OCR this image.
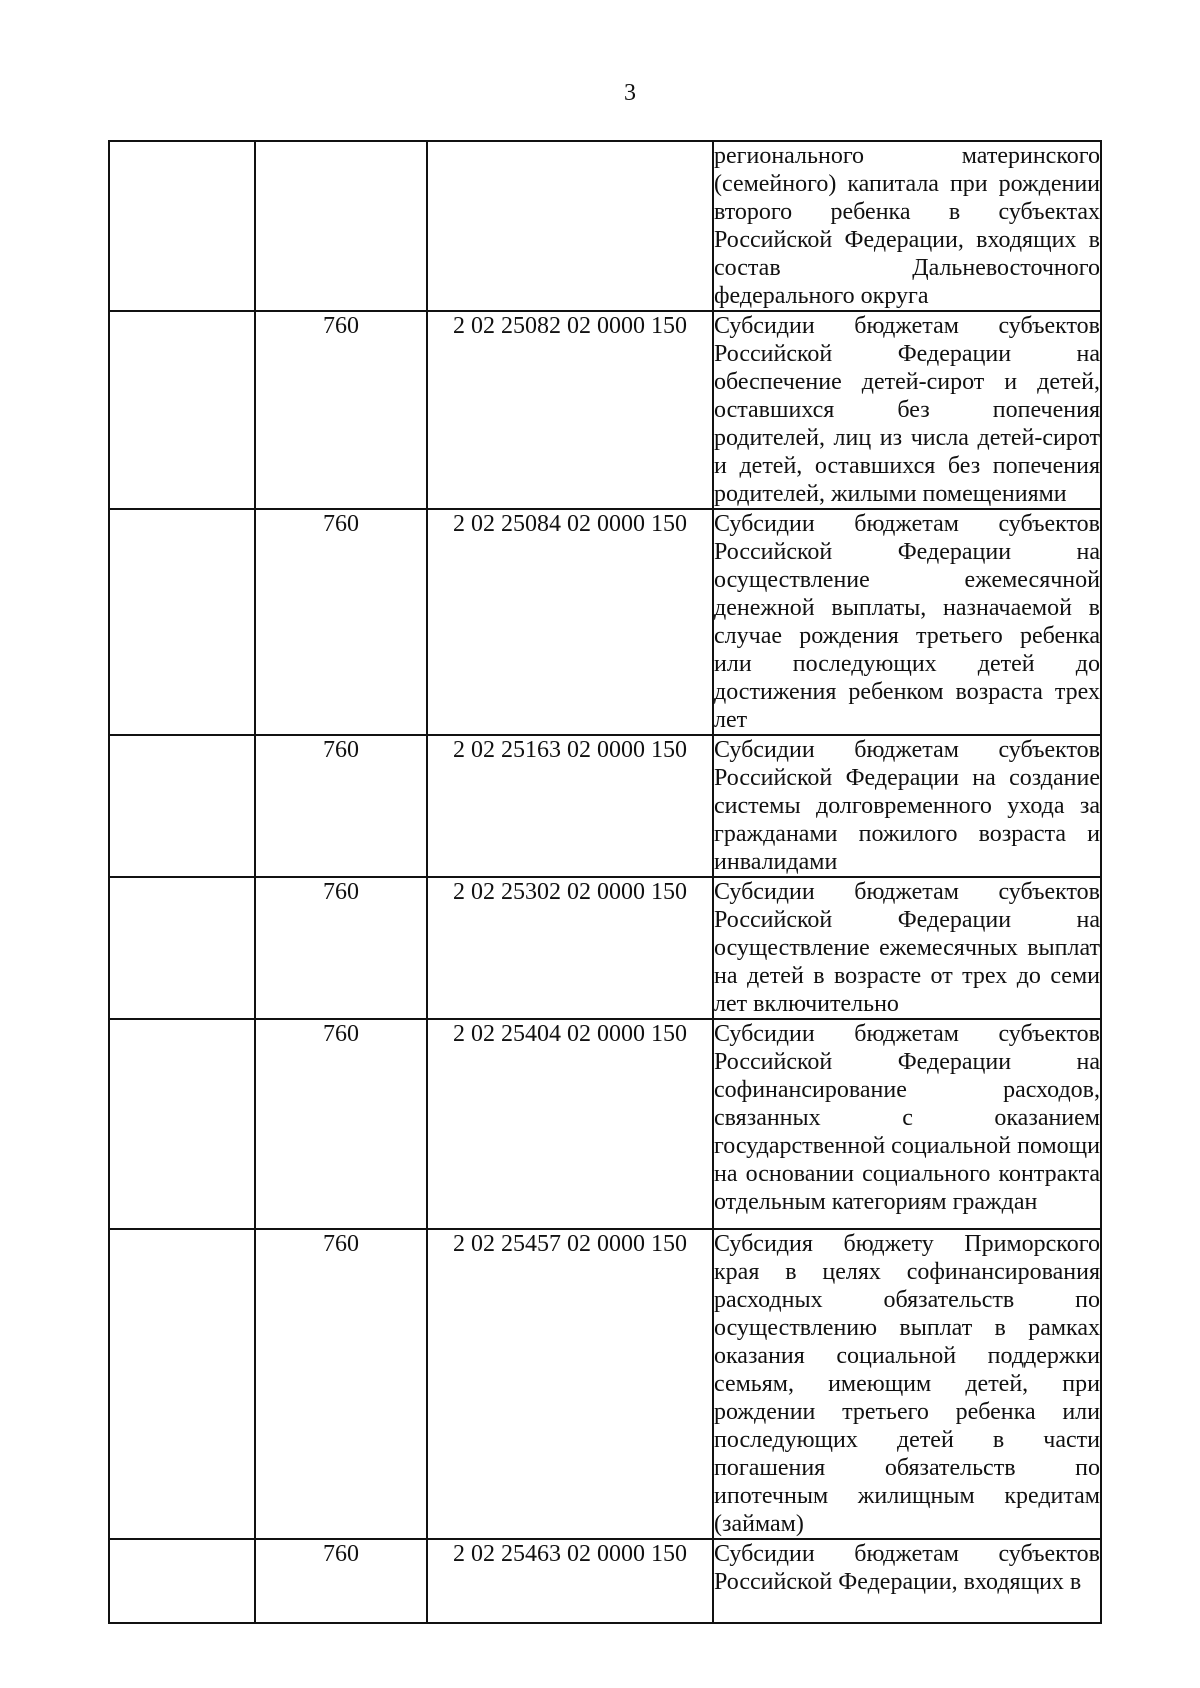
3
			регионального материнского (семейного) капитала при рождении второго ребенка в субъектах Российской Федерации, входящих в состав Дальневосточного федерального округа
	760	2 02 25082 02 0000 150	Субсидии бюджетам субъектов Российской Федерации на обеспечение детей-сирот и детей, оставшихся без попечения родителей, лиц из числа детей-сирот и детей, оставшихся без попечения родителей, жилыми помещениями
	760	2 02 25084 02 0000 150	Субсидии бюджетам субъектов Российской Федерации на осуществление ежемесячной денежной выплаты, назначаемой в случае рождения третьего ребенка или последующих детей до достижения ребенком возраста трех лет
	760	2 02 25163 02 0000 150	Субсидии бюджетам субъектов Российской Федерации на создание системы долговременного ухода за гражданами пожилого возраста и инвалидами
	760	2 02 25302 02 0000 150	Субсидии бюджетам субъектов Российской Федерации на осуществление ежемесячных выплат на детей в возрасте от трех до семи лет включительно
	760	2 02 25404 02 0000 150	Субсидии бюджетам субъектов Российской Федерации на софинансирование расходов, связанных с оказанием государственной социальной помощи на основании социального контракта отдельным категориям граждан
	760	2 02 25457 02 0000 150	Субсидия бюджету Приморского края в целях софинансирования расходных обязательств по осуществлению выплат в рамках оказания социальной поддержки семьям, имеющим детей, при рождении третьего ребенка или последующих детей в части погашения обязательств по ипотечным жилищным кредитам (займам)
	760	2 02 25463 02 0000 150	Субсидии бюджетам субъектов Российской Федерации, входящих в
